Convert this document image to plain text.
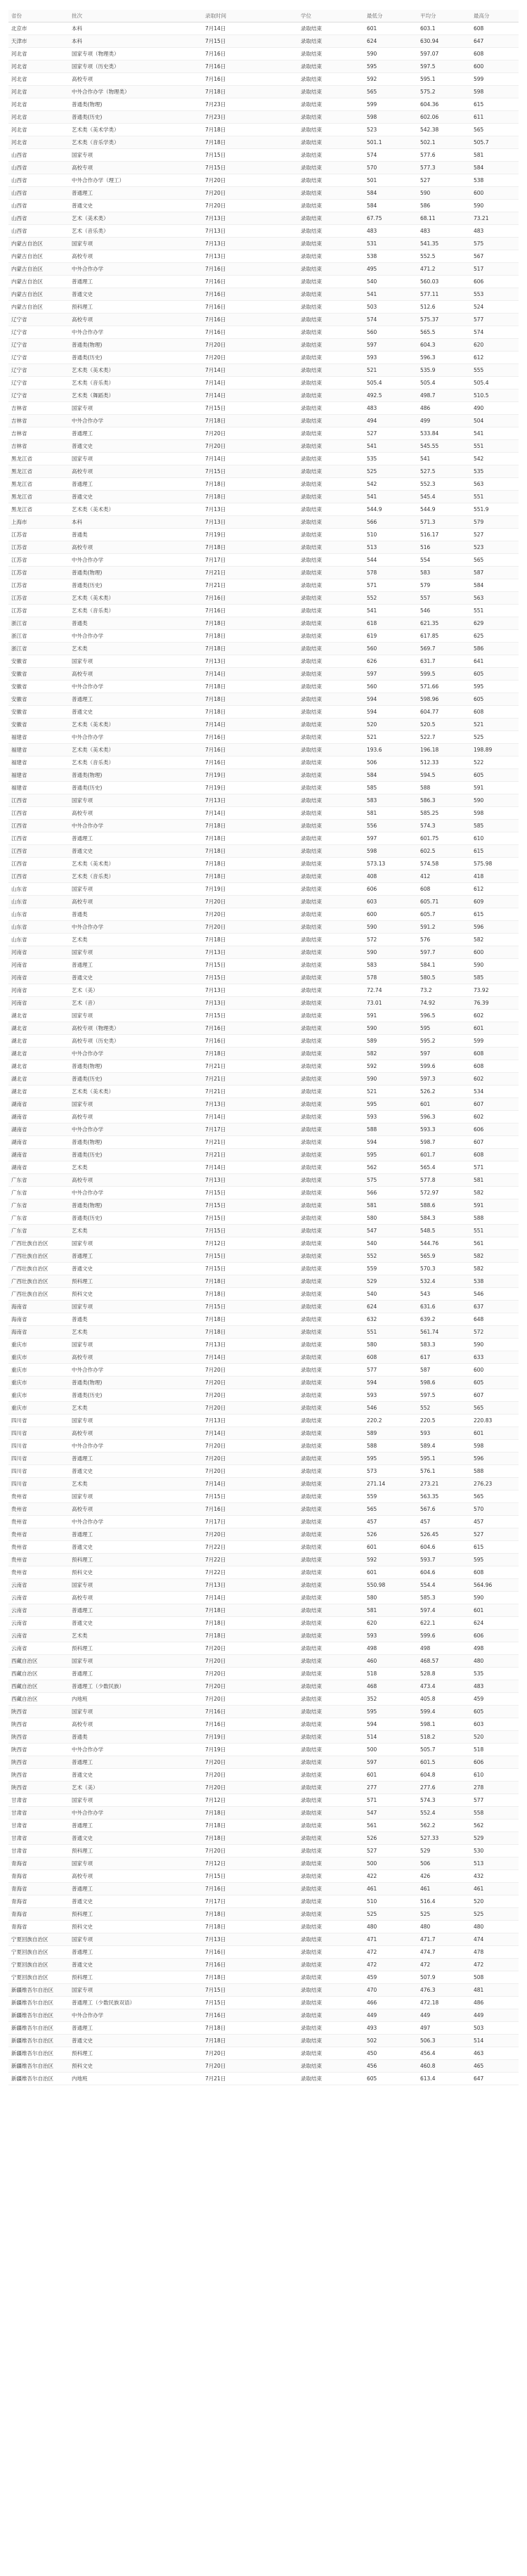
省份	批次	录取时间	学位	最低分	平均分	最高分
北京市	本科	7月14日	录取结束	601	603.1	608
天津市	本科	7月15日	录取结束	624	630.94	647
河北省	国家专项（物理类）	7月16日	录取结束	590	597.07	608
河北省	国家专项（历史类）	7月16日	录取结束	595	597.5	600
河北省	高校专项	7月16日	录取结束	592	595.1	599
河北省	中外合作办学（物理类）	7月18日	录取结束	565	575.2	598
河北省	普通类(物理)	7月23日	录取结束	599	604.36	615
河北省	普通类(历史)	7月23日	录取结束	598	602.06	611
河北省	艺术类（美术学类）	7月18日	录取结束	523	542.38	565
河北省	艺术类（音乐学类）	7月18日	录取结束	501.1	502.1	505.7
山西省	国家专项	7月15日	录取结束	574	577.6	581
山西省	高校专项	7月15日	录取结束	570	577.3	584
山西省	中外合作办学（理工）	7月20日	录取结束	501	527	538
山西省	普通理工	7月20日	录取结束	584	590	600
山西省	普通文史	7月20日	录取结束	584	586	590
山西省	艺术（美术类）	7月13日	录取结束	67.75	68.11	73.21
山西省	艺术（音乐类）	7月13日	录取结束	483	483	483
内蒙古自治区	国家专项	7月13日	录取结束	531	541.35	575
内蒙古自治区	高校专项	7月13日	录取结束	538	552.5	567
内蒙古自治区	中外合作办学	7月16日	录取结束	495	471.2	517
内蒙古自治区	普通理工	7月16日	录取结束	540	560.03	606
内蒙古自治区	普通文史	7月16日	录取结束	541	577.11	553
内蒙古自治区	预科理工	7月16日	录取结束	503	512.6	524
辽宁省	高校专项	7月16日	录取结束	574	575.37	577
辽宁省	中外合作办学	7月16日	录取结束	560	565.5	574
辽宁省	普通类(物理)	7月20日	录取结束	597	604.3	620
辽宁省	普通类(历史)	7月20日	录取结束	593	596.3	612
辽宁省	艺术类（美术类）	7月14日	录取结束	521	535.9	555
辽宁省	艺术类（音乐类）	7月14日	录取结束	505.4	505.4	505.4
辽宁省	艺术类（舞蹈类）	7月14日	录取结束	492.5	498.7	510.5
吉林省	国家专项	7月15日	录取结束	483	486	490
吉林省	中外合作办学	7月18日	录取结束	494	499	504
吉林省	普通理工	7月20日	录取结束	527	533.84	541
吉林省	普通文史	7月20日	录取结束	541	545.55	551
黑龙江省	国家专项	7月14日	录取结束	535	541	542
黑龙江省	高校专项	7月15日	录取结束	525	527.5	535
黑龙江省	普通理工	7月18日	录取结束	542	552.3	563
黑龙江省	普通文史	7月18日	录取结束	541	545.4	551
黑龙江省	艺术类（美术类）	7月13日	录取结束	544.9	544.9	551.9
上海市	本科	7月13日	录取结束	566	571.3	579
江苏省	普通类	7月19日	录取结束	510	516.17	527
江苏省	高校专项	7月18日	录取结束	513	516	523
江苏省	中外合作办学	7月17日	录取结束	544	554	565
江苏省	普通类(物理)	7月21日	录取结束	578	583	587
江苏省	普通类(历史)	7月21日	录取结束	571	579	584
江苏省	艺术类（美术类）	7月16日	录取结束	552	557	563
江苏省	艺术类（音乐类）	7月16日	录取结束	541	546	551
浙江省	普通类	7月18日	录取结束	618	621.35	629
浙江省	中外合作办学	7月18日	录取结束	619	617.85	625
浙江省	艺术类	7月18日	录取结束	560	569.7	586
安徽省	国家专项	7月13日	录取结束	626	631.7	641
安徽省	高校专项	7月14日	录取结束	597	599.5	605
安徽省	中外合作办学	7月18日	录取结束	560	571.66	595
安徽省	普通理工	7月18日	录取结束	594	598.96	605
安徽省	普通文史	7月18日	录取结束	594	604.77	608
安徽省	艺术类（美术类）	7月14日	录取结束	520	520.5	521
福建省	中外合作办学	7月16日	录取结束	521	522.7	525
福建省	艺术类（美术类）	7月16日	录取结束	193.6	196.18	198.89
福建省	艺术类（音乐类）	7月16日	录取结束	506	512.33	522
福建省	普通类(物理)	7月19日	录取结束	584	594.5	605
福建省	普通类(历史)	7月19日	录取结束	585	588	591
江西省	国家专项	7月13日	录取结束	583	586.3	590
江西省	高校专项	7月14日	录取结束	581	585.25	598
江西省	中外合作办学	7月18日	录取结束	556	574.3	585
江西省	普通理工	7月18日	录取结束	597	601.75	610
江西省	普通文史	7月18日	录取结束	598	602.5	615
江西省	艺术类（美术类）	7月18日	录取结束	573.13	574.58	575.98
江西省	艺术类（音乐类）	7月18日	录取结束	408	412	418
山东省	国家专项	7月19日	录取结束	606	608	612
山东省	高校专项	7月20日	录取结束	603	605.71	609
山东省	普通类	7月20日	录取结束	600	605.7	615
山东省	中外合作办学	7月20日	录取结束	590	591.2	596
山东省	艺术类	7月18日	录取结束	572	576	582
河南省	国家专项	7月13日	录取结束	590	597.7	600
河南省	普通理工	7月15日	录取结束	583	584.1	590
河南省	普通文史	7月15日	录取结束	578	580.5	585
河南省	艺术（美）	7月13日	录取结束	72.74	73.2	73.92
河南省	艺术（音）	7月13日	录取结束	73.01	74.92	76.39
湖北省	国家专项	7月15日	录取结束	591	596.5	602
湖北省	高校专项（物理类）	7月16日	录取结束	590	595	601
湖北省	高校专项（历史类）	7月16日	录取结束	589	595.2	599
湖北省	中外合作办学	7月18日	录取结束	582	597	608
湖北省	普通类(物理)	7月21日	录取结束	592	599.6	608
湖北省	普通类(历史)	7月21日	录取结束	590	597.3	602
湖北省	艺术类（美术类）	7月21日	录取结束	521	526.2	534
湖南省	国家专项	7月13日	录取结束	595	601	607
湖南省	高校专项	7月14日	录取结束	593	596.3	602
湖南省	中外合作办学	7月17日	录取结束	588	593.3	606
湖南省	普通类(物理)	7月21日	录取结束	594	598.7	607
湖南省	普通类(历史)	7月21日	录取结束	595	601.7	608
湖南省	艺术类	7月14日	录取结束	562	565.4	571
广东省	高校专项	7月13日	录取结束	575	577.8	581
广东省	中外合作办学	7月15日	录取结束	566	572.97	582
广东省	普通类(物理)	7月15日	录取结束	581	588.6	591
广东省	普通类(历史)	7月15日	录取结束	580	584.3	588
广东省	艺术类	7月15日	录取结束	547	548.5	551
广西壮族自治区	国家专项	7月12日	录取结束	540	544.76	561
广西壮族自治区	普通理工	7月15日	录取结束	552	565.9	582
广西壮族自治区	普通文史	7月15日	录取结束	559	570.3	582
广西壮族自治区	预科理工	7月18日	录取结束	529	532.4	538
广西壮族自治区	预科文史	7月18日	录取结束	540	543	546
海南省	国家专项	7月15日	录取结束	624	631.6	637
海南省	普通类	7月18日	录取结束	632	639.2	648
海南省	艺术类	7月18日	录取结束	551	561.74	572
重庆市	国家专项	7月13日	录取结束	580	583.3	590
重庆市	高校专项	7月14日	录取结束	608	617	633
重庆市	中外合作办学	7月20日	录取结束	577	587	600
重庆市	普通类(物理)	7月20日	录取结束	594	598.6	605
重庆市	普通类(历史)	7月20日	录取结束	593	597.5	607
重庆市	艺术类	7月20日	录取结束	546	552	565
四川省	国家专项	7月13日	录取结束	220.2	220.5	220.83
四川省	高校专项	7月14日	录取结束	589	593	601
四川省	中外合作办学	7月20日	录取结束	588	589.4	598
四川省	普通理工	7月20日	录取结束	595	595.1	596
四川省	普通文史	7月20日	录取结束	573	576.1	588
四川省	艺术类	7月14日	录取结束	271.14	273.21	276.23
贵州省	国家专项	7月15日	录取结束	559	563.35	565
贵州省	高校专项	7月16日	录取结束	565	567.6	570
贵州省	中外合作办学	7月17日	录取结束	457	457	457
贵州省	普通理工	7月20日	录取结束	526	526.45	527
贵州省	普通文史	7月22日	录取结束	601	604.6	615
贵州省	预科理工	7月22日	录取结束	592	593.7	595
贵州省	预科文史	7月22日	录取结束	601	604.6	608
云南省	国家专项	7月13日	录取结束	550.98	554.4	564.96
云南省	高校专项	7月14日	录取结束	580	585.3	590
云南省	普通理工	7月18日	录取结束	581	597.4	601
云南省	普通文史	7月18日	录取结束	620	622.1	624
云南省	艺术类	7月18日	录取结束	593	599.6	606
云南省	预科理工	7月20日	录取结束	498	498	498
西藏自治区	国家专项	7月20日	录取结束	460	468.57	480
西藏自治区	普通理工	7月20日	录取结束	518	528.8	535
西藏自治区	普通理工（少数民族）	7月20日	录取结束	468	473.4	483
西藏自治区	内地班	7月20日	录取结束	352	405.8	459
陕西省	国家专项	7月16日	录取结束	595	599.4	605
陕西省	高校专项	7月16日	录取结束	594	598.1	603
陕西省	普通类	7月19日	录取结束	514	518.2	520
陕西省	中外合作办学	7月19日	录取结束	500	505.7	518
陕西省	普通理工	7月20日	录取结束	597	601.5	606
陕西省	普通文史	7月20日	录取结束	601	604.8	610
陕西省	艺术（美）	7月20日	录取结束	277	277.6	278
甘肃省	国家专项	7月12日	录取结束	571	574.3	577
甘肃省	中外合作办学	7月18日	录取结束	547	552.4	558
甘肃省	普通理工	7月18日	录取结束	561	562.2	562
甘肃省	普通文史	7月18日	录取结束	526	527.33	529
甘肃省	预科理工	7月20日	录取结束	527	529	530
青海省	国家专项	7月12日	录取结束	500	506	513
青海省	高校专项	7月15日	录取结束	422	426	432
青海省	普通理工	7月16日	录取结束	461	461	461
青海省	普通文史	7月17日	录取结束	510	516.4	520
青海省	预科理工	7月18日	录取结束	525	525	525
青海省	预科文史	7月18日	录取结束	480	480	480
宁夏回族自治区	国家专项	7月13日	录取结束	471	471.7	474
宁夏回族自治区	普通理工	7月16日	录取结束	472	474.7	478
宁夏回族自治区	普通文史	7月16日	录取结束	472	472	472
宁夏回族自治区	预科理工	7月18日	录取结束	459	507.9	508
新疆维吾尔自治区	国家专项	7月15日	录取结束	470	476.3	481
新疆维吾尔自治区	普通理工（少数民族双语）	7月15日	录取结束	466	472.18	486
新疆维吾尔自治区	中外合作办学	7月16日	录取结束	449	449	449
新疆维吾尔自治区	普通理工	7月18日	录取结束	493	497	503
新疆维吾尔自治区	普通文史	7月18日	录取结束	502	506.3	514
新疆维吾尔自治区	预科理工	7月20日	录取结束	450	456.4	463
新疆维吾尔自治区	预科文史	7月20日	录取结束	456	460.8	465
新疆维吾尔自治区	内地班	7月21日	录取结束	605	613.4	647
